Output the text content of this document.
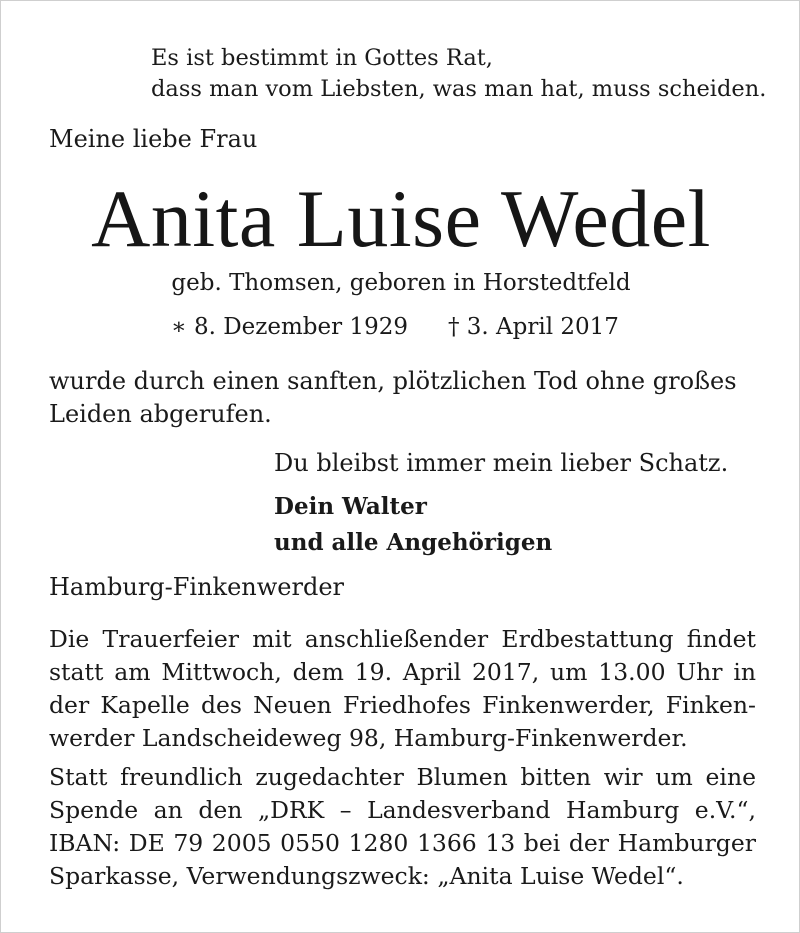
Es ist bestimmt in Gottes Rat,
dass man vom Liebsten, was man hat, muss scheiden.
Meine liebe Frau
Anita Luise Wedel
geb. Thomsen, geboren in Horstedtfeld
∗ 8. Dezember 1929 † 3. April 2017
wurde durch einen sanften, plötzlichen Tod ohne großes
Leiden abgerufen.
Du bleibst immer mein lieber Schatz.
Dein Walter
und alle Angehörigen
Hamburg-Finkenwerder
Die Trauerfeier mit anschließender Erdbestattung findet
statt am Mittwoch, dem 19. April 2017, um 13.00 Uhr in
der Kapelle des Neuen Friedhofes Finkenwerder, Finken-
werder Landscheideweg 98, Hamburg-Finkenwerder.
Statt freundlich zugedachter Blumen bitten wir um eine
Spende an den „DRK – Landesverband Hamburg e.V.“,
IBAN: DE 79 2005 0550 1280 1366 13 bei der Hamburger
Sparkasse, Verwendungszweck: „Anita Luise Wedel“.
